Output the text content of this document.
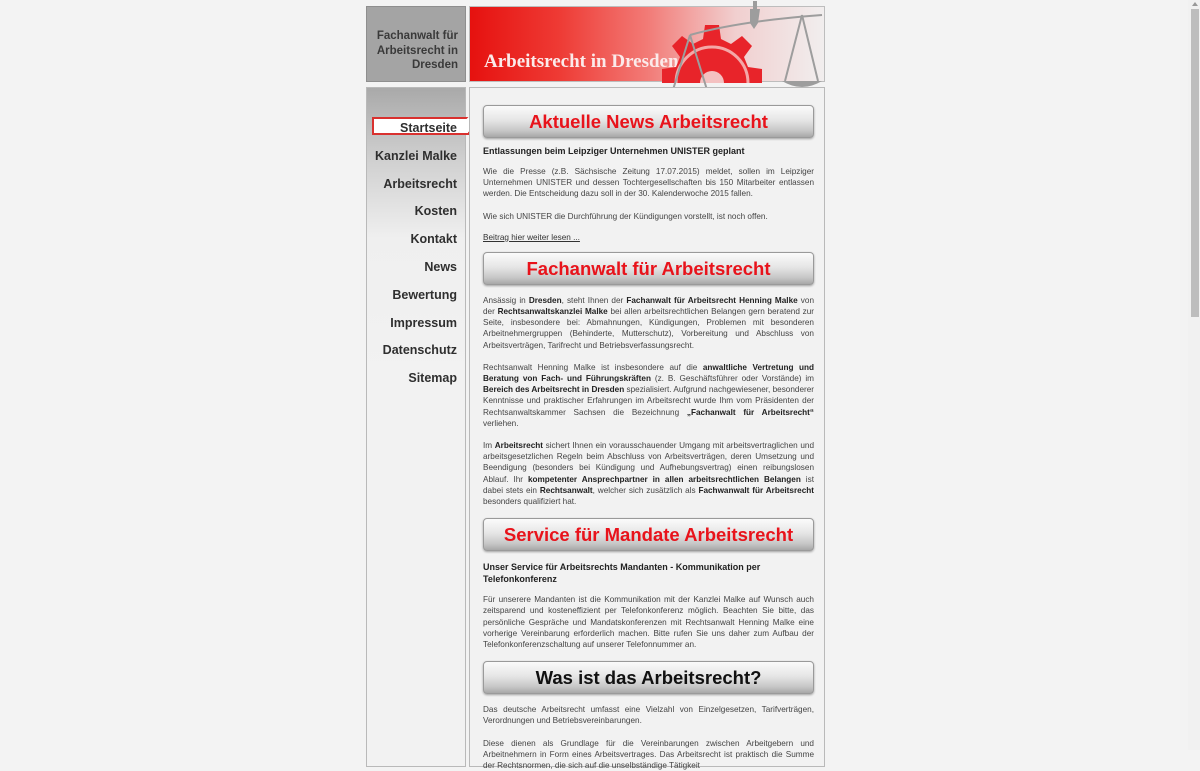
Fachanwalt für
Arbeitsrecht in
Dresden Arbeitsrecht in Dresden
Startseite
Kanzlei Malke
Arbeitsrecht
Kosten
Kontakt
News
Bewertung
Impressum
Datenschutz
Sitemap
Aktuelle News Arbeitsrecht
Entlassungen beim Leipziger Unternehmen UNISTER geplant

Wie die Presse (z.B. Sächsische Zeitung 17.07.2015) meldet, sollen im Leipziger Unternehmen UNISTER und dessen Tochtergesellschaften bis 150 Mitarbeiter entlassen werden. Die Entscheidung dazu soll in der 30. Kalenderwoche 2015 fallen.

Wie sich UNISTER die Durchführung der Kündigungen vorstellt, ist noch offen.

Beitrag hier weiter lesen ...
Fachanwalt für Arbeitsrecht

Ansässig in Dresden, steht Ihnen der Fachanwalt für Arbeitsrecht Henning Malke von der Rechtsanwaltskanzlei Malke bei allen arbeitsrechtlichen Belangen gern beratend zur Seite, insbesondere bei: Abmahnungen, Kündigungen, Problemen mit besonderen Arbeitnehmergruppen (Behinderte, Mutterschutz), Vorbereitung und Abschluss von Arbeitsverträgen, Tarifrecht und Betriebsverfassungsrecht.

Rechtsanwalt Henning Malke ist insbesondere auf die anwaltliche Vertretung und Beratung von Fach- und Führungskräften (z. B. Geschäftsführer oder Vorstände) im Bereich des Arbeitsrecht in Dresden spezialisiert. Aufgrund nachgewiesener, besonderer Kenntnisse und praktischer Erfahrungen im Arbeitsrecht wurde Ihm vom Präsidenten der Rechtsanwaltskammer Sachsen die Bezeichnung „Fachanwalt für Arbeitsrecht“ verliehen.

Im Arbeitsrecht sichert Ihnen ein vorausschauender Umgang mit arbeitsvertraglichen und arbeitsgesetzlichen Regeln beim Abschluss von Arbeitsverträgen, deren Umsetzung und Beendigung (besonders bei Kündigung und Aufhebungsvertrag) einen reibungslosen Ablauf. Ihr kompetenter Ansprechpartner in allen arbeitsrechtlichen Belangen ist dabei stets ein Rechtsanwalt, welcher sich zusätzlich als Fachwanwalt für Arbeitsrecht besonders qualifiziert hat.

Service für Mandate Arbeitsrecht
Unser Service für Arbeitsrechts Mandanten - Kommunikation per Telefonkonferenz

Für unserere Mandanten ist die Kommunikation mit der Kanzlei Malke auf Wunsch auch zeitsparend und kosteneffizient per Telefonkonferenz möglich. Beachten Sie bitte, das persönliche Gespräche und Mandatskonferenzen mit Rechtsanwalt Henning Malke eine vorherige Vereinbarung erforderlich machen. Bitte rufen Sie uns daher zum Aufbau der Telefonkonferenzschaltung auf unserer Telefonnummer an.

Was ist das Arbeitsrecht?

Das deutsche Arbeitsrecht umfasst eine Vielzahl von Einzelgesetzen, Tarifverträgen, Verordnungen und Betriebsvereinbarungen.

Diese dienen als Grundlage für die Vereinbarungen zwischen Arbeitgebern und Arbeitnehmern in Form eines Arbeitsvertrages. Das Arbeitsrecht ist praktisch die Summe der Rechtsnormen, die sich auf die unselbständige Tätigkeit
